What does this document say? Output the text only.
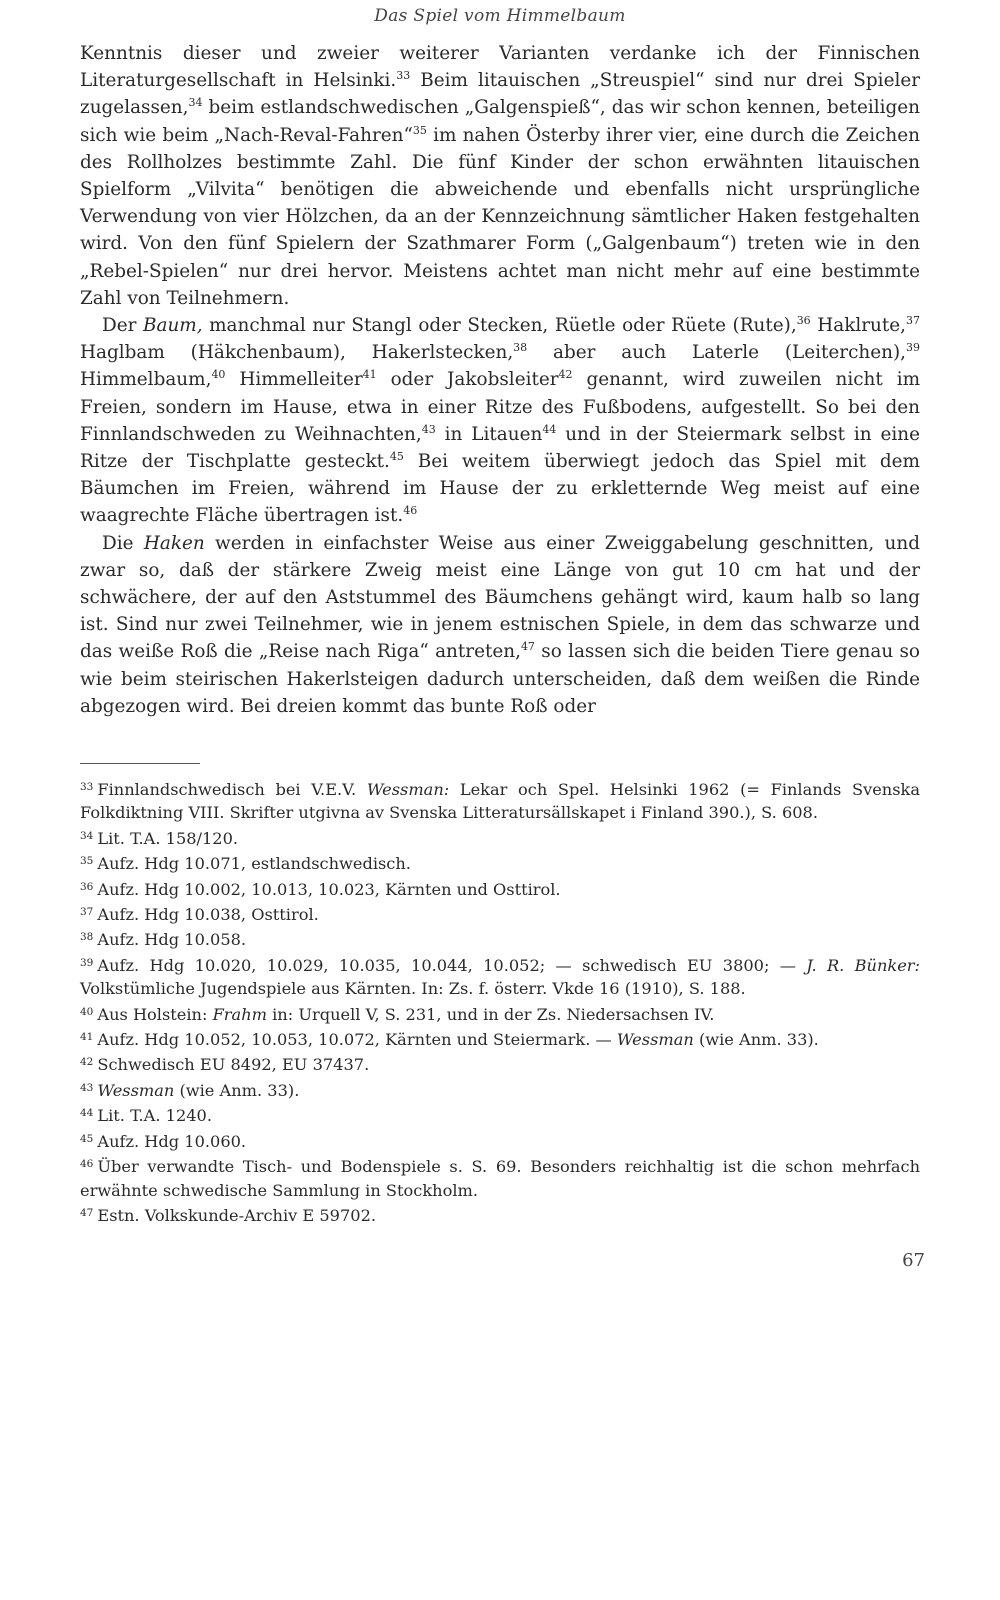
Das Spiel vom Himmelbaum

Kenntnis dieser und zweier weiterer Varianten verdanke ich der Finnischen Literaturgesellschaft in Helsinki.$^{33}$ Beim litauischen „Streuspiel“ sind nur drei Spieler zugelassen,$^{34}$ beim estlandschwedischen „Galgenspieß“, das wir schon kennen, beteiligen sich wie beim „Nach-Reval-Fahren“$^{35}$ im nahen Österby ihrer vier, eine durch die Zeichen des Rollholzes bestimmte Zahl. Die fünf Kinder der schon erwähnten litauischen Spielform „Vilvita“ benötigen die abweichende und ebenfalls nicht ursprüngliche Verwendung von vier Hölzchen, da an der Kennzeichnung sämtlicher Haken festgehalten wird. Von den fünf Spielern der Szathmarer Form („Galgenbaum“) treten wie in den „Rebel-Spielen“ nur drei hervor. Meistens achtet man nicht mehr auf eine bestimmte Zahl von Teilnehmern.

Der Baum, manchmal nur Stangl oder Stecken, Rüetle oder Rüete (Rute),$^{36}$ Haklrute,$^{37}$ Haglbam (Häkchenbaum), Hakerlstecken,$^{38}$ aber auch Laterle (Leiterchen),$^{39}$ Himmelbaum,$^{40}$ Himmelleiter$^{41}$ oder Jakobsleiter$^{42}$ genannt, wird zuweilen nicht im Freien, sondern im Hause, etwa in einer Ritze des Fußbodens, aufgestellt. So bei den Finnlandschweden zu Weihnachten,$^{43}$ in Litauen$^{44}$ und in der Steiermark selbst in eine Ritze der Tischplatte gesteckt.$^{45}$ Bei weitem überwiegt jedoch das Spiel mit dem Bäumchen im Freien, während im Hause der zu erkletternde Weg meist auf eine waagrechte Fläche übertragen ist.$^{46}$

Die Haken werden in einfachster Weise aus einer Zweiggabelung geschnitten, und zwar so, daß der stärkere Zweig meist eine Länge von gut 10 cm hat und der schwächere, der auf den Aststummel des Bäumchens gehängt wird, kaum halb so lang ist. Sind nur zwei Teilnehmer, wie in jenem estnischen Spiele, in dem das schwarze und das weiße Roß die „Reise nach Riga“ antreten,$^{47}$ so lassen sich die beiden Tiere genau so wie beim steirischen Hakerlsteigen dadurch unterscheiden, daß dem weißen die Rinde abgezogen wird. Bei dreien kommt das bunte Roß oder

$^{33}$ Finnlandschwedisch bei V.E.V. Wessman: Lekar och Spel. Helsinki 1962 (= Finlands Svenska Folkdiktning VIII. Skrifter utgivna av Svenska Litteratursällskapet i Finland 390.), S. 608.

$^{34}$ Lit. T.A. 158/120.

$^{35}$ Aufz. Hdg 10.071, estlandschwedisch.

$^{36}$ Aufz. Hdg 10.002, 10.013, 10.023, Kärnten und Osttirol.

$^{37}$ Aufz. Hdg 10.038, Osttirol.

$^{38}$ Aufz. Hdg 10.058.

$^{39}$ Aufz. Hdg 10.020, 10.029, 10.035, 10.044, 10.052; — schwedisch EU 3800; — J. R. Bünker: Volkstümliche Jugendspiele aus Kärnten. In: Zs. f. österr. Vkde 16 (1910), S. 188.

$^{40}$ Aus Holstein: Frahm in: Urquell V, S. 231, und in der Zs. Niedersachsen IV.

$^{41}$ Aufz. Hdg 10.052, 10.053, 10.072, Kärnten und Steiermark. — Wessman (wie Anm. 33).

$^{42}$ Schwedisch EU 8492, EU 37437.

$^{43}$ Wessman (wie Anm. 33).

$^{44}$ Lit. T.A. 1240.

$^{45}$ Aufz. Hdg 10.060.

$^{46}$ Über verwandte Tisch- und Bodenspiele s. S. 69. Besonders reichhaltig ist die schon mehrfach erwähnte schwedische Sammlung in Stockholm.

$^{47}$ Estn. Volkskunde-Archiv E 59702.

67
